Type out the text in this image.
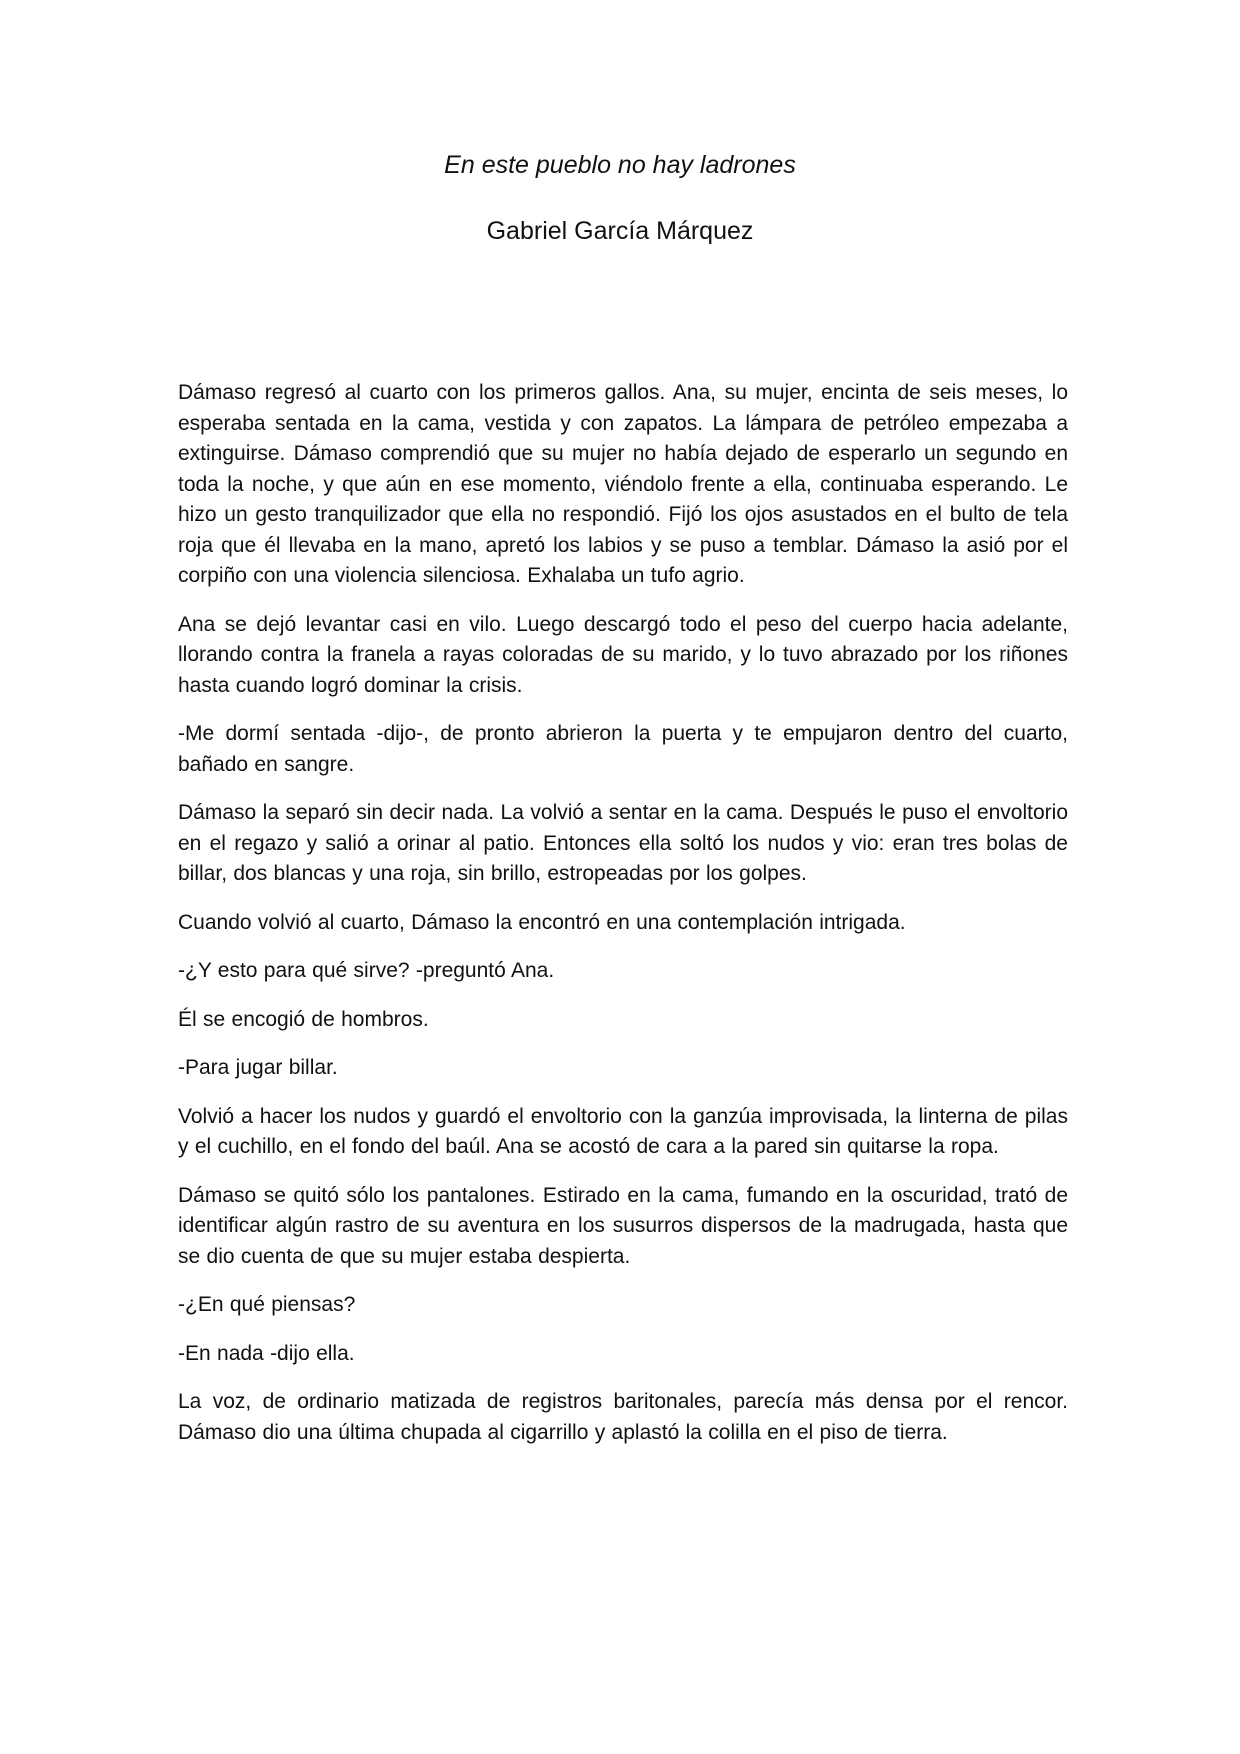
En este pueblo no hay ladrones
Gabriel García Márquez

Dámaso regresó al cuarto con los primeros gallos. Ana, su mujer, encinta de seis meses, lo esperaba sentada en la cama, vestida y con zapatos. La lámpara de petróleo empezaba a extinguirse. Dámaso comprendió que su mujer no había dejado de esperarlo un segundo en toda la noche, y que aún en ese momento, viéndolo frente a ella, continuaba esperando. Le hizo un gesto tranquilizador que ella no respondió. Fijó los ojos asustados en el bulto de tela roja que él llevaba en la mano, apretó los labios y se puso a temblar. Dámaso la asió por el corpiño con una violencia silenciosa. Exhalaba un tufo agrio.

Ana se dejó levantar casi en vilo. Luego descargó todo el peso del cuerpo hacia adelante, llorando contra la franela a rayas coloradas de su marido, y lo tuvo abrazado por los riñones hasta cuando logró dominar la crisis.

-Me dormí sentada -dijo-, de pronto abrieron la puerta y te empujaron dentro del cuarto, bañado en sangre.

Dámaso la separó sin decir nada. La volvió a sentar en la cama. Después le puso el envoltorio en el regazo y salió a orinar al patio. Entonces ella soltó los nudos y vio: eran tres bolas de billar, dos blancas y una roja, sin brillo, estropeadas por los golpes.

Cuando volvió al cuarto, Dámaso la encontró en una contemplación intrigada.

-¿Y esto para qué sirve? -preguntó Ana.

Él se encogió de hombros.

-Para jugar billar.

Volvió a hacer los nudos y guardó el envoltorio con la ganzúa improvisada, la linterna de pilas y el cuchillo, en el fondo del baúl. Ana se acostó de cara a la pared sin quitarse la ropa.

Dámaso se quitó sólo los pantalones. Estirado en la cama, fumando en la oscuridad, trató de identificar algún rastro de su aventura en los susurros dispersos de la madrugada, hasta que se dio cuenta de que su mujer estaba despierta.

-¿En qué piensas?

-En nada -dijo ella.

La voz, de ordinario matizada de registros baritonales, parecía más densa por el rencor. Dámaso dio una última chupada al cigarrillo y aplastó la colilla en el piso de tierra.
